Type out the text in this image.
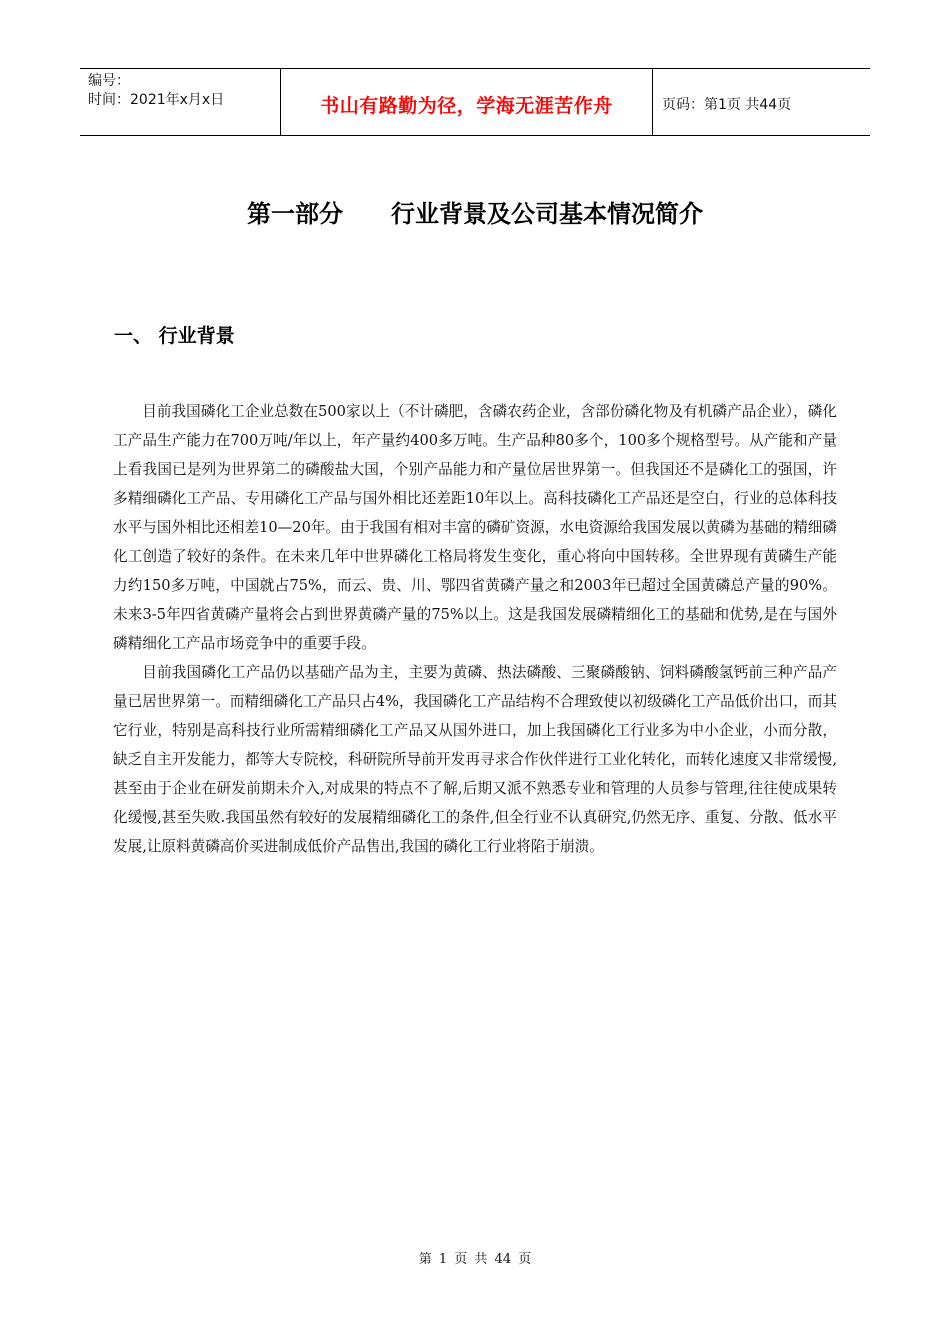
编号：
时间：2021年x月x日	书山有路勤为径，学海无涯苦作舟	页码：第1页 共44页
第一部分　　行业背景及公司基本情况简介
一、 行业背景

目前我国磷化工企业总数在500家以上（不计磷肥，含磷农药企业，含部份磷化物及有机磷产品企业），磷化工产品生产能力在700万吨/年以上，年产量约400多万吨。生产品种80多个，100多个规格型号。从产能和产量上看我国已是列为世界第二的磷酸盐大国，个别产品能力和产量位居世界第一。但我国还不是磷化工的强国，许多精细磷化工产品、专用磷化工产品与国外相比还差距10年以上。高科技磷化工产品还是空白，行业的总体科技水平与国外相比还相差10—20年。由于我国有相对丰富的磷矿资源，水电资源给我国发展以黄磷为基础的精细磷化工创造了较好的条件。在未来几年中世界磷化工格局将发生变化，重心将向中国转移。全世界现有黄磷生产能力约150多万吨，中国就占75%，而云、贵、川、鄂四省黄磷产量之和2003年已超过全国黄磷总产量的90%。未来3-5年四省黄磷产量将会占到世界黄磷产量的75%以上。这是我国发展磷精细化工的基础和优势,是在与国外磷精细化工产品市场竞争中的重要手段。

目前我国磷化工产品仍以基础产品为主，主要为黄磷、热法磷酸、三聚磷酸钠、饲料磷酸氢钙前三种产品产量已居世界第一。而精细磷化工产品只占4%，我国磷化工产品结构不合理致使以初级磷化工产品低价出口，而其它行业，特别是高科技行业所需精细磷化工产品又从国外进口，加上我国磷化工行业多为中小企业，小而分散，缺乏自主开发能力，都等大专院校，科研院所导前开发再寻求合作伙伴进行工业化转化，而转化速度又非常缓慢,甚至由于企业在研发前期未介入,对成果的特点不了解,后期又派不熟悉专业和管理的人员参与管理,往往使成果转化缓慢,甚至失败.我国虽然有较好的发展精细磷化工的条件,但全行业不认真研究,仍然无序、重复、分散、低水平发展,让原料黄磷高价买进制成低价产品售出,我国的磷化工行业将陷于崩溃。

第 1 页 共 44 页
